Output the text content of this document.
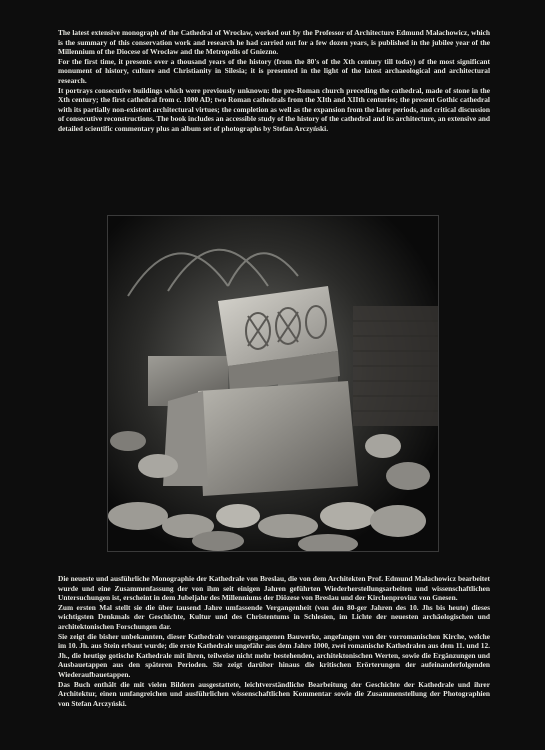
The latest extensive monograph of the Cathedral of Wrocław, worked out by the Professor of Architecture Edmund Małachowicz, which is the summary of this conservation work and research he had carried out for a few dozen years, is published in the jubilee year of the Millennium of the Diocese of Wrocław and the Metropolis of Gniezno.

For the first time, it presents over a thousand years of the history (from the 80's of the Xth century till today) of the most significant monument of history, culture and Christianity in Silesia; it is presented in the light of the latest archaeological and architectural research.

It portrays consecutive buildings which were previously unknown: the pre-Roman church preceding the cathedral, made of stone in the Xth century; the first cathedral from c. 1000 AD; two Roman cathedrals from the XIth and XIIth centuries; the present Gothic cathedral with its partially non-existent architectural virtues; the completion as well as the expansion from the later periods, and critical discussion of consecutive reconstructions. The book includes an accessible study of the history of the cathedral and its architecture, an extensive and detailed scientific commentary plus an album set of photographs by Stefan Arczyński.

Die neueste und ausführliche Monographie der Kathedrale von Breslau, die von dem Architekten Prof. Edmund Małachowicz bearbeitet wurde und eine Zusammenfassung der von ihm seit einigen Jahren geführten Wiederherstellungsarbeiten und wissenschaftlichen Untersuchungen ist, erscheint in dem Jubeljahr des Millenniums der Diözese von Breslau und der Kirchenprovinz von Gnesen.

Zum ersten Mal stellt sie die über tausend Jahre umfassende Vergangenheit (von den 80-ger Jahren des 10. Jhs bis heute) dieses wichtigsten Denkmals der Geschichte, Kultur und des Christentums in Schlesien, im Lichte der neuesten archäologischen und architektonischen Forschungen dar.

Sie zeigt die bisher unbekannten, dieser Kathedrale vorausgegangenen Bauwerke, angefangen von der vorromanischen Kirche, welche im 10. Jh. aus Stein erbaut wurde; die erste Kathedrale ungefähr aus dem Jahre 1000, zwei romanische Kathedralen aus dem 11. und 12. Jh., die heutige gotische Kathedrale mit ihren, teilweise nicht mehr bestehenden, architektonischen Werten, sowie die Ergänzungen und Ausbauetappen aus den späteren Perioden. Sie zeigt darüber hinaus die kritischen Erörterungen der aufeinanderfolgenden Wiederaufbauetappen.

Das Buch enthält die mit vielen Bildern ausgestattete, leichtverständliche Bearbeitung der Geschichte der Kathedrale und ihrer Architektur, einen umfangreichen und ausführlichen wissenschaftlichen Kommentar sowie die Zusammenstellung der Photographien von Stefan Arczyński.
